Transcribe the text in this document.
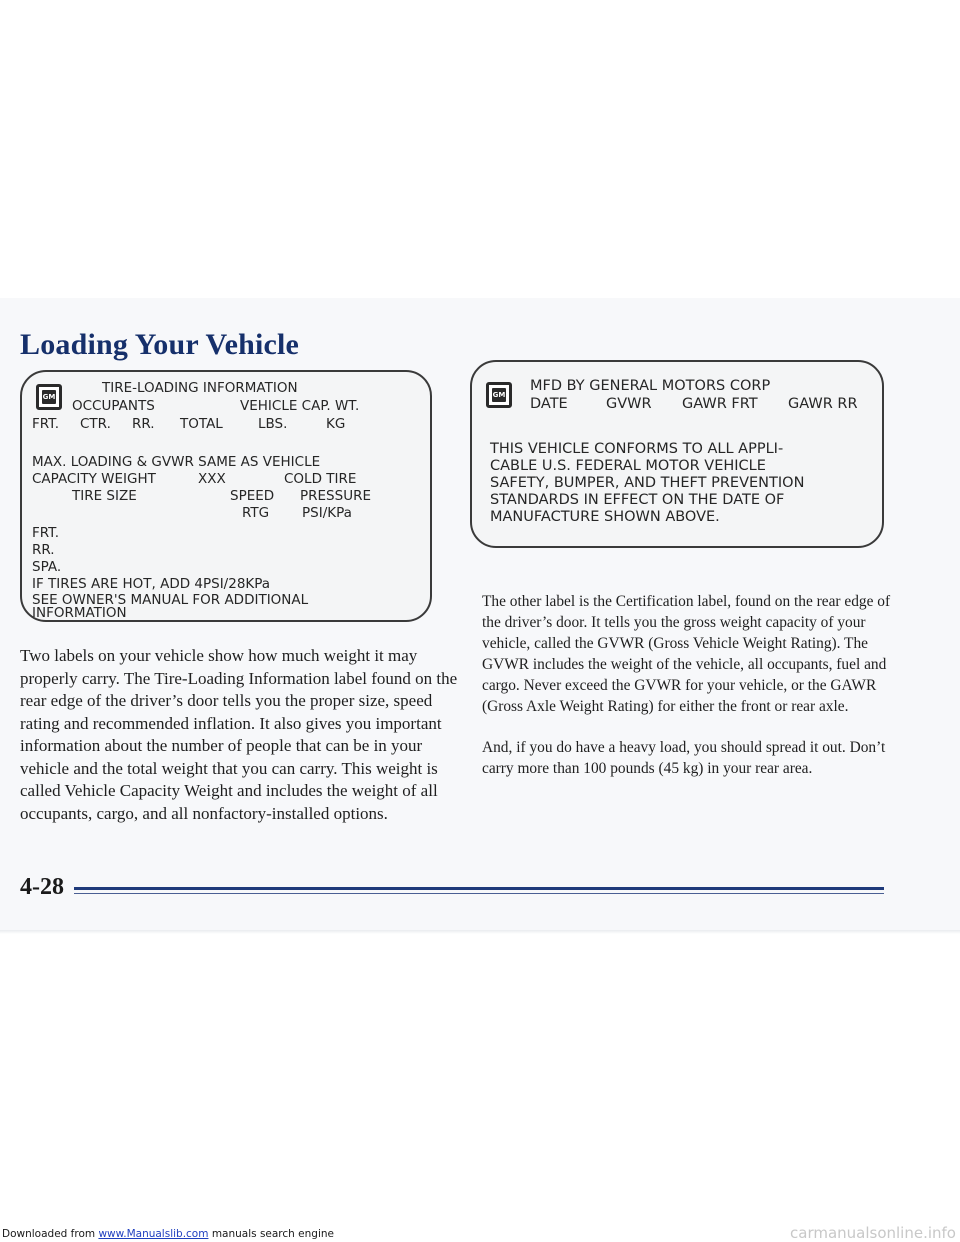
Loading Your Vehicle
GM
TIRE-LOADING INFORMATION
OCCUPANTS	VEHICLE CAP. WT.
FRT. CTR. RR. TOTAL	LBS.	KG
MAX. LOADING & GVWR SAME AS VEHICLE
CAPACITY WEIGHT	XXX	COLD TIRE
TIRE SIZE	SPEED PRESSURE
RTG PSI/KPa
FRT.
RR.
SPA.
IF TIRES ARE HOT, ADD 4PSI/28KPa
SEE OWNER'S MANUAL FOR ADDITIONAL
INFORMATION
GM
MFD BY GENERAL MOTORS CORP
DATE	GVWR GAWR FRT GAWR RR
THIS VEHICLE CONFORMS TO ALL APPLI-
CABLE U.S. FEDERAL MOTOR VEHICLE
SAFETY, BUMPER, AND THEFT PREVENTION
STANDARDS IN EFFECT ON THE DATE OF
MANUFACTURE SHOWN ABOVE.

Two labels on your vehicle show how much weight it may properly carry. The Tire-Loading Information label found on the rear edge of the driver’s door tells you the proper size, speed rating and recommended inflation. It also gives you important information about the number of people that can be in your vehicle and the total weight that you can carry. This weight is called Vehicle Capacity Weight and includes the weight of all occupants, cargo, and all nonfactory-installed options.

The other label is the Certification label, found on the rear edge of the driver’s door. It tells you the gross weight capacity of your vehicle, called the GVWR (Gross Vehicle Weight Rating). The GVWR includes the weight of the vehicle, all occupants, fuel and cargo. Never exceed the GVWR for your vehicle, or the GAWR (Gross Axle Weight Rating) for either the front or rear axle.

And, if you do have a heavy load, you should spread it out. Don’t carry more than 100 pounds (45 kg) in your rear area.

4-28
Downloaded from www.Manualslib.com manuals search engine	carmanualsonline.info
